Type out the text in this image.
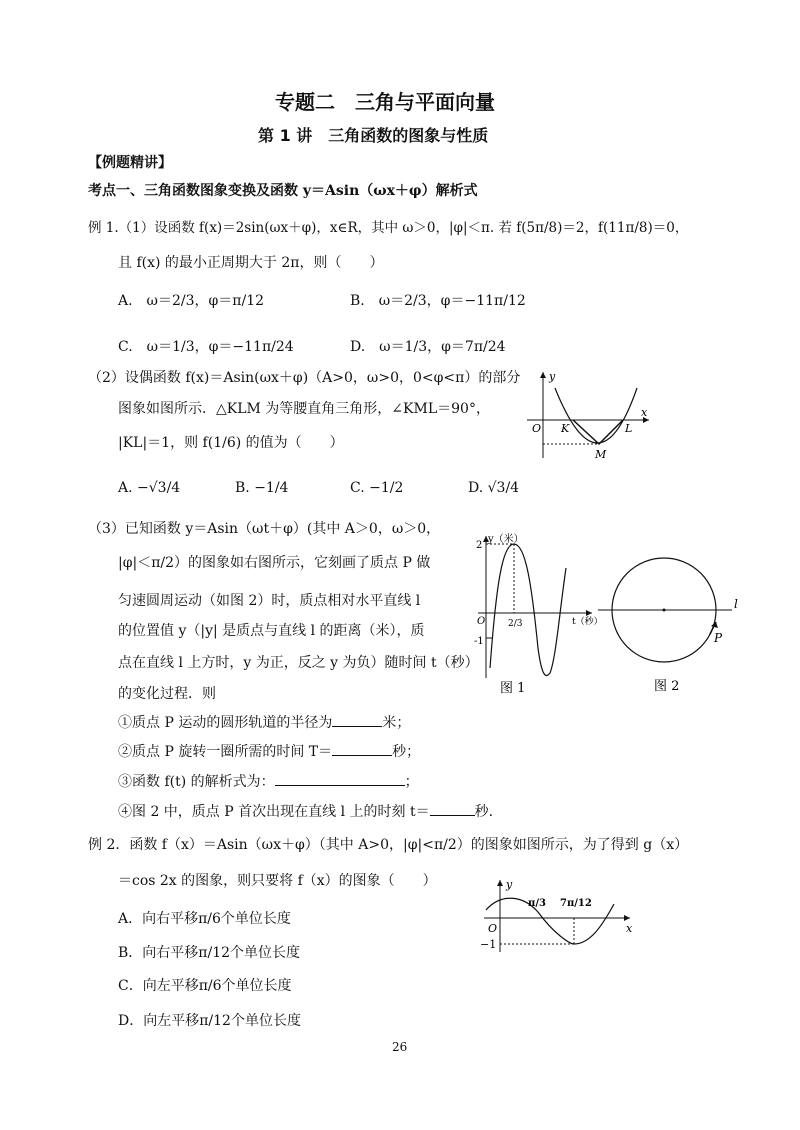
专题二　三角与平面向量
第 1 讲　三角函数的图象与性质
【例题精讲】
考点一、三角函数图象变换及函数 y＝Asin（ωx＋φ）解析式
例 1.（1）设函数 f(x)＝2sin(ωx＋φ)，x∈R，其中 ω＞0，|φ|＜π. 若 f(5π/8)＝2，f(11π/8)＝0，
且 f(x) 的最小正周期大于 2π，则（　　）
A.　ω＝2/3，φ＝π/12	B.　ω＝2/3，φ＝−11π/12
C.　ω＝1/3，φ＝−11π/24	D.　ω＝1/3，φ＝7π/24
（2）设偶函数 f(x)＝Asin(ωx＋φ)（A>0，ω>0，0<φ<π）的部分
图象如图所示．△KLM 为等腰直角三角形，∠KML＝90°，
|KL|＝1，则 f(1/6) 的值为（　　）
A. −√3/4	B. −1/4	C. −1/2	D. √3/4
y
x
O K	L
M
（3）已知函数 y＝Asin（ωt＋φ）(其中 A＞0，ω＞0，
|φ|＜π/2）的图象如右图所示，它刻画了质点 P 做
匀速圆周运动（如图 2）时，质点相对水平直线 l
的位置值 y（|y| 是质点与直线 l 的距离（米），质
点在直线 l 上方时，y 为正，反之 y 为负）随时间 t（秒）
的变化过程．则
①质点 P 运动的圆形轨道的半径为	米；
②质点 P 旋转一圈所需的时间 T＝	秒；
③函数 f(t) 的解析式为：	；
④图 2 中，质点 P 首次出现在直线 l 上的时刻 t＝	秒.
y（米）
2
-1
O	2/3	t（秒）
图 1
l
P
图 2
例 2．函数 f（x）＝Asin（ωx＋φ）（其中 A>0，|φ|<π/2）的图象如图所示，为了得到 g（x）
＝cos 2x 的图象，则只要将 f（x）的图象（　　）
A．向右平移π/6个单位长度
B．向右平移π/12个单位长度
C．向左平移π/6个单位长度
D．向左平移π/12个单位长度
y
x
O
π/3 7π/12
−1
26
